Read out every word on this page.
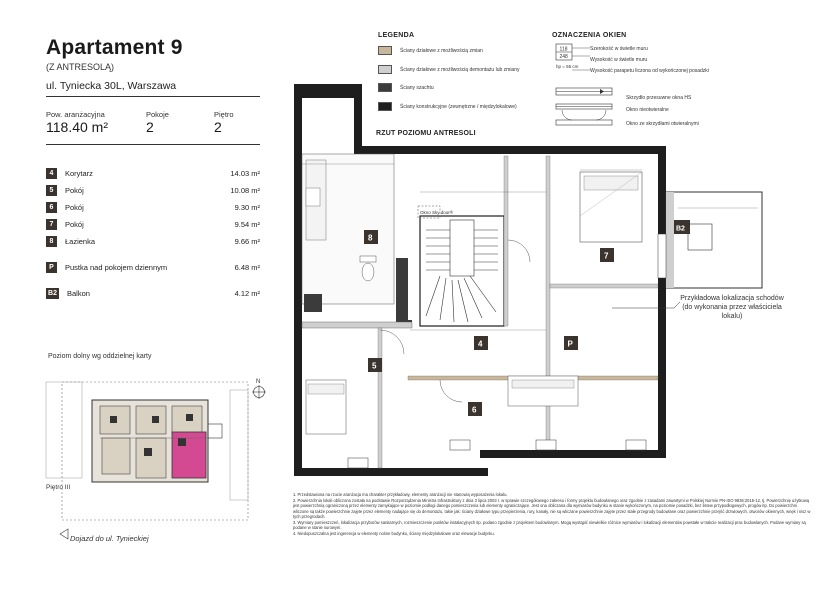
Apartament 9
(Z ANTRESOLĄ)
ul. Tyniecka 30L, Warszawa
Pow. aranżacyjna
118.40 m²
Pokoje
2
Piętro
2
4	Korytarz	14.03 m²
5	Pokój	10.08 m²
6	Pokój	9.30 m²
7	Pokój	9.54 m²
8	Łazienka	9.66 m²
P	Pustka nad pokojem dziennym	6.48 m²
B2 Balkon	4.12 m²
Poziom dolny wg oddzielnej karty
N
Piętro III
Dojazd do ul. Tynieckiej
LEGENDA
Ściany działowe z możliwością zmian
Ściany działowe z możliwością demontażu lub zmiany
Ściany szachtu
Ściany konstrukcyjne (zewnętrzne / międzylokalowe)
OZNACZENIA OKIEN
118
248
hp = 55 cm
Szerokość w świetle muru
Wysokość w świetle muru
Wysokość parapetu liczona od wykończonej posadzki
Skrzydło przesuwne okna HS
Okno nieotwieralne
Okno ze skrzydłami otwieralnymi
RZUT POZIOMU ANTRESOLI
Okno Sky door®
8
4
5
6
7
P
B2
Przykładowa lokalizacja schodów (do wykonania przez właściciela lokalu)
1. Przedstawiona na rzucie aranżacja ma charakter przykładowy, elementy aranżacji nie stanowią wyposażenia lokalu.
2. Powierzchnia lokali obliczona została na podstawie Rozporządzenia Ministra Infrastruktury z dnia 3 lipca 2003 r. w sprawie szczegółowego zakresu i formy projektu budowlanego oraz zgodnie z zasadami zawartymi w Polskiej Normie PN-ISO 9836:2015-12, tj. Powierzchnię użytkową jest powierzchnią ograniczoną przez elementy zamykające w poziomie podłogi danego pomieszczenia lub elementy ograniczające. Jest ona obliczana dla wymiarów budynku w stanie wykończonym, na poziomie posadzki, bez listew przypodłogowych, progów itp. Do powierzchni wliczone są także powierzchnie zajęte przez elementy nadające się do demontażu, takie jak: ściany działowe typu przepierzenia, rury, kanały, nie są wliczane powierzchnie zajęte przez stałe przegrody budowlane oraz powierzchnie przejść drzwiowych, otworów okiennych, wnęk i nisz w tych przegrodach.
3. Wymiary pomieszczeń, lokalizacja przyborów sanitarnych, rozmieszczenie punktów instalacyjnych itp. podano zgodnie z projektem budowlanym. Mogą wystąpić niewielkie różnice wymiarów i lokalizacji elementów powstałe w trakcie realizacji prac budowlanych. Podane wymiary są podane w stanie surowym.
4. Niedopuszczalna jest ingerencja w elementy nośne budynku, ściany międzylokalowe oraz elewacje budynku.
